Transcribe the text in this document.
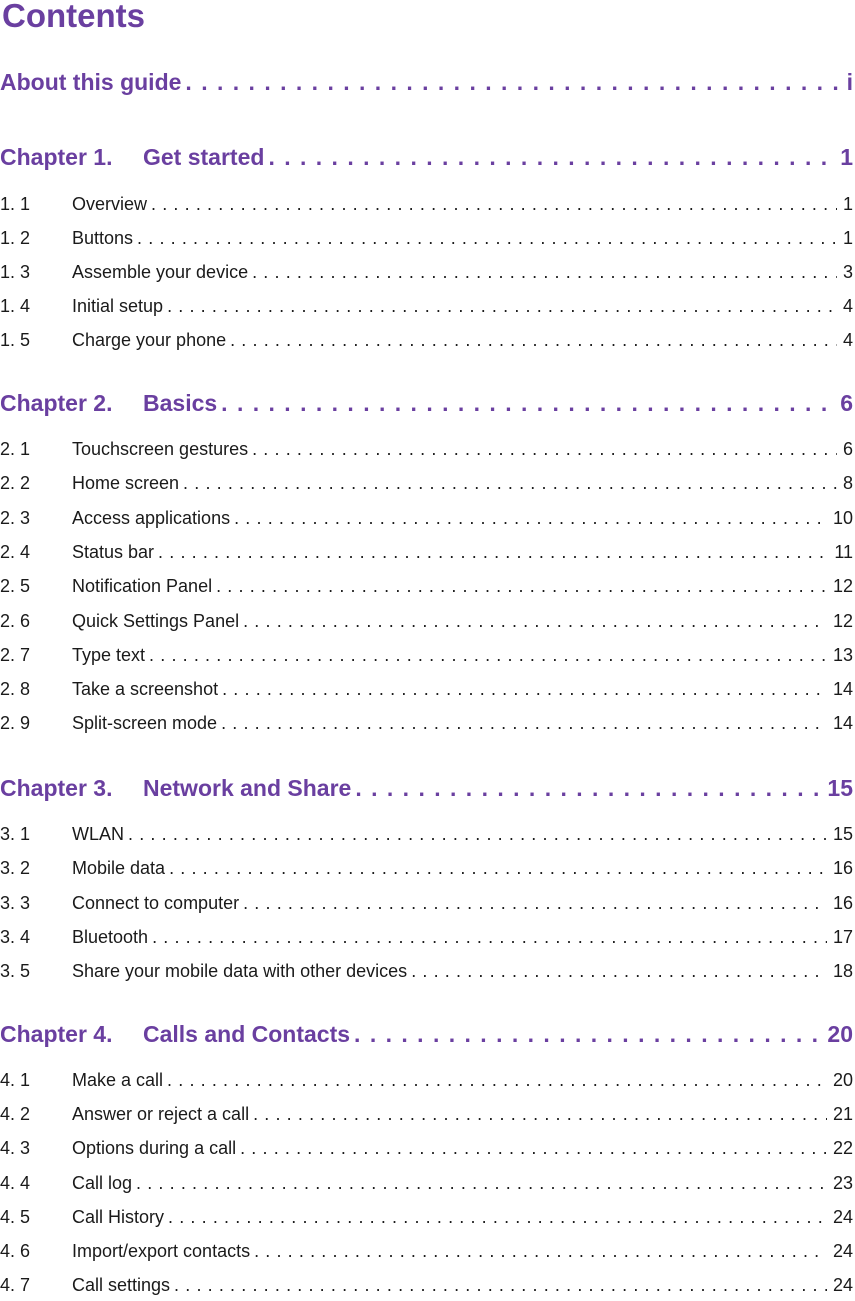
Contents
About this guide . . .	i
Chapter 1.	Get started . . .	1
1. 1	Overview . . .	1
1. 2	Buttons . . .	1
1. 3	Assemble your device . . .	3
1. 4	Initial setup . . .	4
1. 5	Charge your phone . . .	4
Chapter 2.	Basics . . .	6
2. 1	Touchscreen gestures . . .	6
2. 2	Home screen . . .	8
2. 3	Access applications . . .	10
2. 4	Status bar . . .	11
2. 5	Notification Panel . . .	12
2. 6	Quick Settings Panel . . .	12
2. 7	Type text . . .	13
2. 8	Take a screenshot . . .	14
2. 9	Split-screen mode . . .	14
Chapter 3.	Network and Share . . .	15
3. 1	WLAN . . .	15
3. 2	Mobile data . . .	16
3. 3	Connect to computer . . .	16
3. 4	Bluetooth . . .	17
3. 5	Share your mobile data with other devices . . .	18
Chapter 4.	Calls and Contacts . . .	20
4. 1	Make a call . . .	20
4. 2	Answer or reject a call . . .	21
4. 3	Options during a call . . .	22
4. 4	Call log . . .	23
4. 5	Call History . . .	24
4. 6	Import/export contacts . . .	24
4. 7	Call settings . . .	24
